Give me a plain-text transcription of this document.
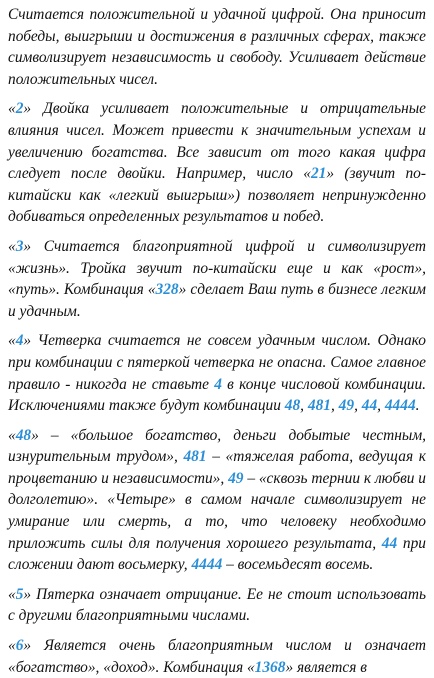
Считается положительной и удачной цифрой. Она приносит победы, выигрыши и достижения в различных сферах, также символизирует независимость и свободу. Усиливает действие положительных чисел.

«2» Двойка усиливает положительные и отрицательные влияния чисел. Может привести к значительным успехам и увеличению богатства. Все зависит от того какая цифра следует после двойки. Например, число «21» (звучит по-китайски как «легкий выигрыш») позволяет непринужденно добиваться определенных результатов и побед.

«3» Считается благоприятной цифрой и символизирует «жизнь». Тройка звучит по-китайски еще и как «рост», «путь». Комбинация «328» сделает Ваш путь в бизнесе легким и удачным.

«4» Четверка считается не совсем удачным числом. Однако при комбинации с пятеркой четверка не опасна. Самое главное правило - никогда не ставьте 4 в конце числовой комбинации. Исключениями также будут комбинации 48, 481, 49, 44, 4444.

«48» – «большое богатство, деньги добытые честным, изнурительным трудом», 481 – «тяжелая работа, ведущая к процветанию и независимости», 49 – «сквозь тернии к любви и долголетию». «Четыре» в самом начале символизирует не умирание или смерть, а то, что человеку необходимо приложить силы для получения хорошего результата, 44 при сложении дают восьмерку, 4444 – восемьдесят восемь.

«5» Пятерка означает отрицание. Ее не стоит использовать с другими благоприятными числами.

«6» Является очень благоприятным числом и означает «богатство», «доход». Комбинация «1368» является в
